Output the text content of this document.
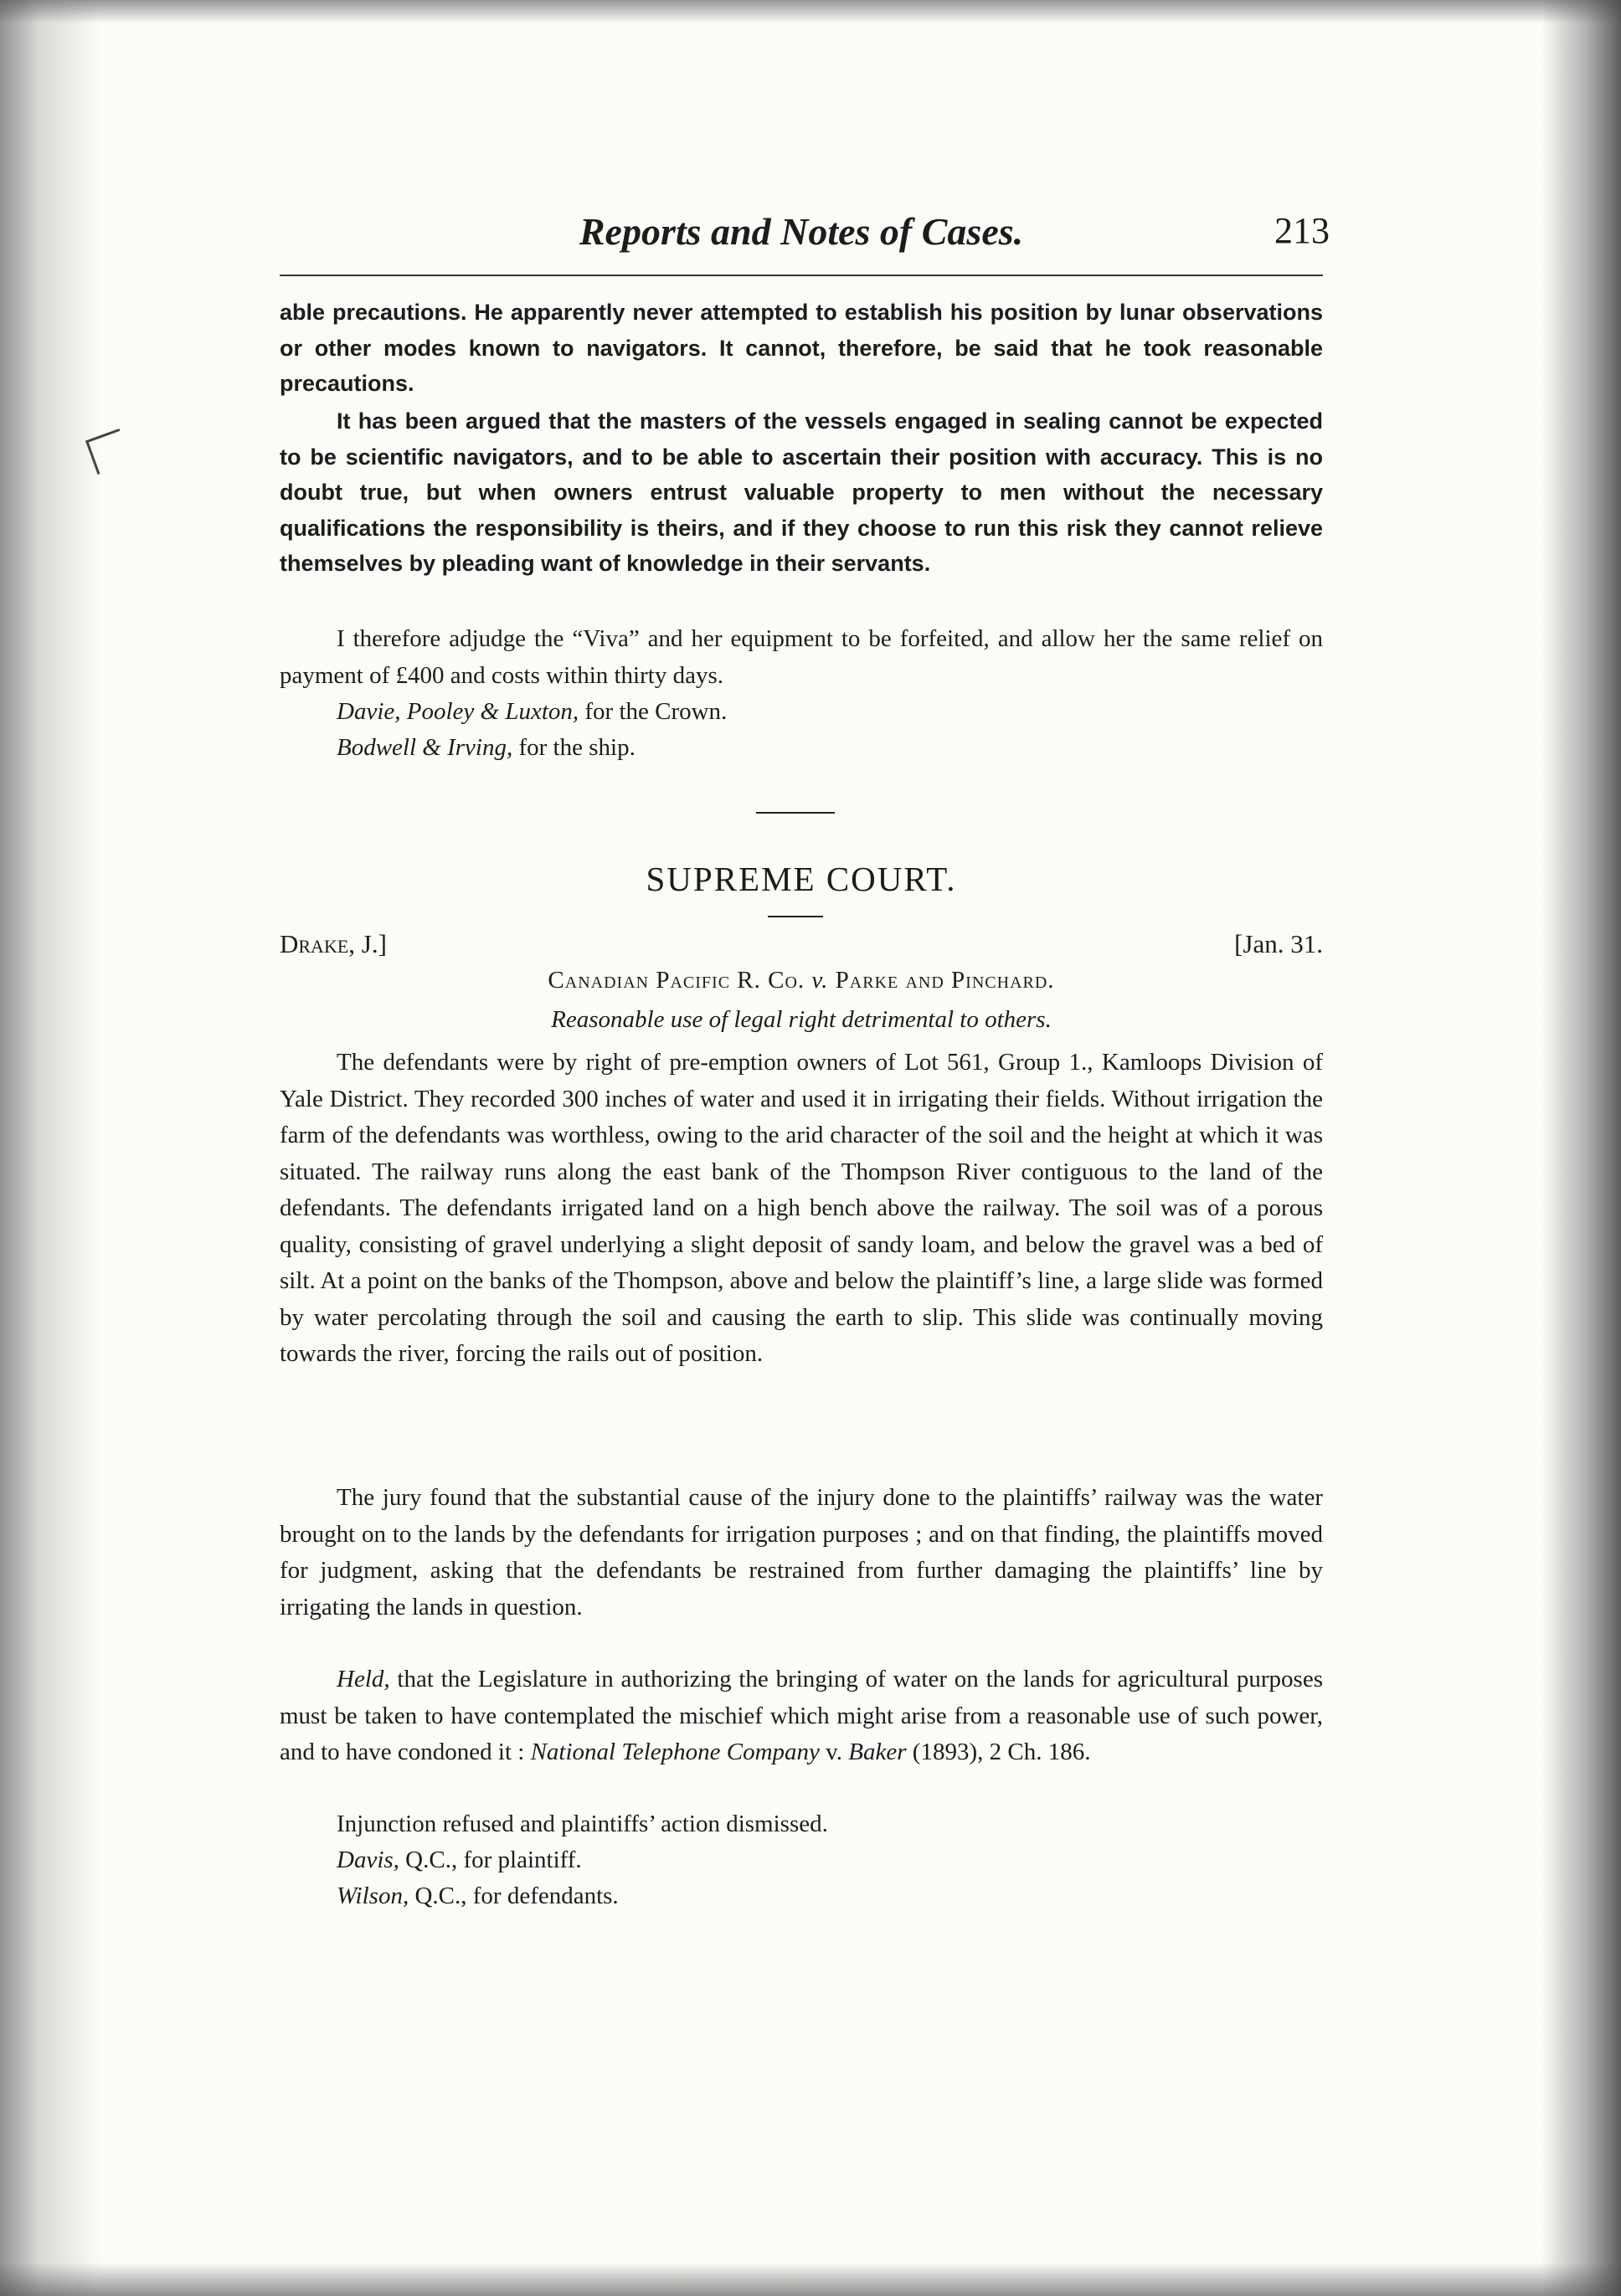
Reports and Notes of Cases.	213

able precautions. He apparently never attempted to establish his position by lunar observations or other modes known to navigators. It cannot, therefore, be said that he took reasonable precautions.

It has been argued that the masters of the vessels engaged in sealing cannot be expected to be scientific navigators, and to be able to ascertain their position with accuracy. This is no doubt true, but when owners entrust valuable property to men without the necessary qualifications the responsibility is theirs, and if they choose to run this risk they cannot relieve themselves by pleading want of knowledge in their servants.

I therefore adjudge the “Viva” and her equipment to be forfeited, and allow her the same relief on payment of £400 and costs within thirty days.

Davie, Pooley & Luxton, for the Crown.

Bodwell & Irving, for the ship.

SUPREME COURT.
Drake, J.]	[Jan. 31.
Canadian Pacific R. Co. v. Parke and Pinchard.
Reasonable use of legal right detrimental to others.

The defendants were by right of pre-emption owners of Lot 561, Group 1., Kamloops Division of Yale District. They recorded 300 inches of water and used it in irrigating their fields. Without irrigation the farm of the defendants was worthless, owing to the arid character of the soil and the height at which it was situated. The railway runs along the east bank of the Thompson River contiguous to the land of the defendants. The defendants irrigated land on a high bench above the railway. The soil was of a porous quality, consisting of gravel underlying a slight deposit of sandy loam, and below the gravel was a bed of silt. At a point on the banks of the Thompson, above and below the plaintiff’s line, a large slide was formed by water percolating through the soil and causing the earth to slip. This slide was continually moving towards the river, forcing the rails out of position.

The jury found that the substantial cause of the injury done to the plaintiffs’ railway was the water brought on to the lands by the defendants for irrigation purposes ; and on that finding, the plaintiffs moved for judgment, asking that the defendants be restrained from further damaging the plaintiffs’ line by irrigating the lands in question.

Held, that the Legislature in authorizing the bringing of water on the lands for agricultural purposes must be taken to have contemplated the mischief which might arise from a reasonable use of such power, and to have condoned it : National Telephone Company v. Baker (1893), 2 Ch. 186.

Injunction refused and plaintiffs’ action dismissed.

Davis, Q.C., for plaintiff.

Wilson, Q.C., for defendants.
